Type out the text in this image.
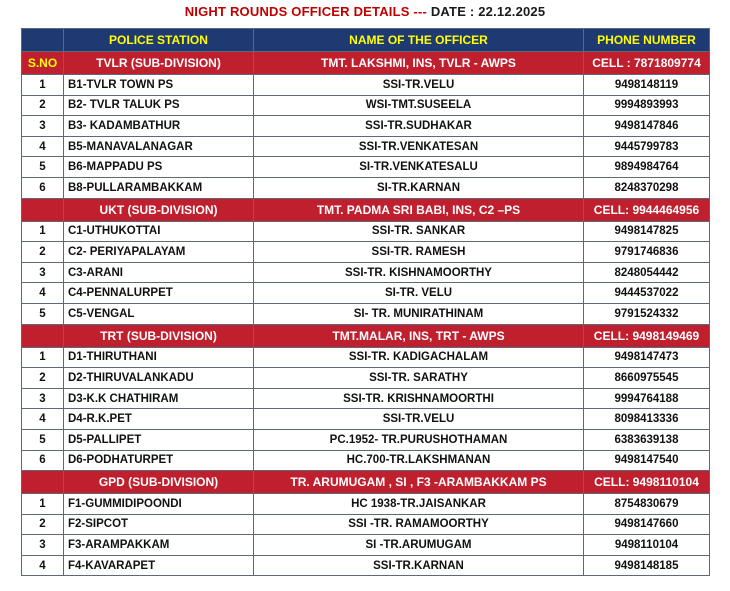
NIGHT ROUNDS OFFICER DETAILS --- DATE : 22.12.2025
	POLICE STATION	NAME OF THE OFFICER	PHONE NUMBER
S.NO	TVLR (SUB-DIVISION)	TMT. LAKSHMI, INS, TVLR - AWPS	CELL : 7871809774
1	B1-TVLR TOWN PS	SSI-TR.VELU	9498148119
2	B2- TVLR TALUK PS	WSI-TMT.SUSEELA	9994893993
3	B3- KADAMBATHUR	SSI-TR.SUDHAKAR	9498147846
4	B5-MANAVALANAGAR	SSI-TR.VENKATESAN	9445799783
5	B6-MAPPADU PS	SI-TR.VENKATESALU	9894984764
6	B8-PULLARAMBAKKAM	SI-TR.KARNAN	8248370298
	UKT (SUB-DIVISION)	TMT. PADMA SRI BABI, INS, C2 –PS	CELL: 9944464956
1	C1-UTHUKOTTAI	SSI-TR. SANKAR	9498147825
2	C2- PERIYAPALAYAM	SSI-TR. RAMESH	9791746836
3	C3-ARANI	SSI-TR. KISHNAMOORTHY	8248054442
4	C4-PENNALURPET	SI-TR. VELU	9444537022
5	C5-VENGAL	SI- TR. MUNIRATHINAM	9791524332
	TRT (SUB-DIVISION)	TMT.MALAR, INS, TRT - AWPS	CELL: 9498149469
1	D1-THIRUTHANI	SSI-TR. KADIGACHALAM	9498147473
2	D2-THIRUVALANKADU	SSI-TR. SARATHY	8660975545
3	D3-K.K CHATHIRAM	SSI-TR. KRISHNAMOORTHI	9994764188
4	D4-R.K.PET	SSI-TR.VELU	8098413336
5	D5-PALLIPET	PC.1952- TR.PURUSHOTHAMAN	6383639138
6	D6-PODHATURPET	HC.700-TR.LAKSHMANAN	9498147540
	GPD (SUB-DIVISION)	TR. ARUMUGAM , SI , F3 -ARAMBAKKAM PS	CELL: 9498110104
1	F1-GUMMIDIPOONDI	HC 1938-TR.JAISANKAR	8754830679
2	F2-SIPCOT	SSI -TR. RAMAMOORTHY	9498147660
3	F3-ARAMPAKKAM	SI -TR.ARUMUGAM	9498110104
4	F4-KAVARAPET	SSI-TR.KARNAN	9498148185
